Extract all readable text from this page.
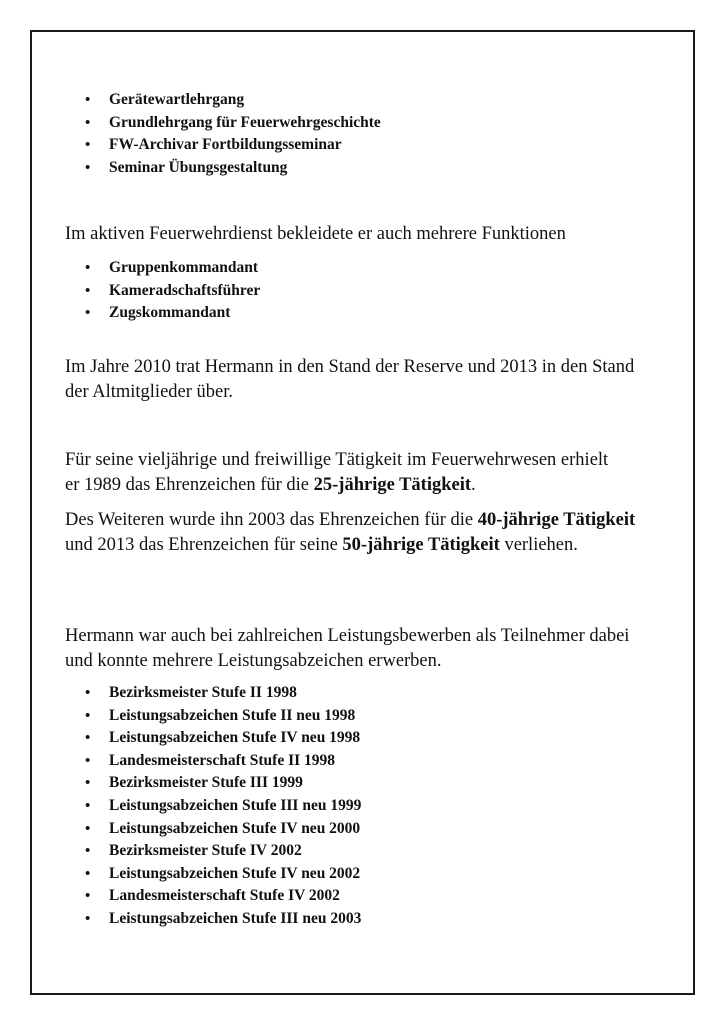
• Gerätewartlehrgang
• Grundlehrgang für Feuerwehrgeschichte
• FW-Archivar Fortbildungsseminar
• Seminar Übungsgestaltung

Im aktiven Feuerwehrdienst bekleidete er auch mehrere Funktionen

• Gruppenkommandant
• Kameradschaftsführer
• Zugskommandant

Im Jahre 2010 trat Hermann in den Stand der Reserve und 2013 in den Stand der Altmitglieder über.

Für seine vieljährige und freiwillige Tätigkeit im Feuerwehrwesen erhielt er 1989 das Ehrenzeichen für die 25-jährige Tätigkeit.

Des Weiteren wurde ihn 2003 das Ehrenzeichen für die 40-jährige Tätigkeit und 2013 das Ehrenzeichen für seine 50-jährige Tätigkeit verliehen.

Hermann war auch bei zahlreichen Leistungsbewerben als Teilnehmer dabei und konnte mehrere Leistungsabzeichen erwerben.

• Bezirksmeister Stufe II 1998
• Leistungsabzeichen Stufe II neu 1998
• Leistungsabzeichen Stufe IV neu 1998
• Landesmeisterschaft Stufe II 1998
• Bezirksmeister Stufe III 1999
• Leistungsabzeichen Stufe III neu 1999
• Leistungsabzeichen Stufe IV neu 2000
• Bezirksmeister Stufe IV 2002
• Leistungsabzeichen Stufe IV neu 2002
• Landesmeisterschaft Stufe IV 2002
• Leistungsabzeichen Stufe III neu 2003
